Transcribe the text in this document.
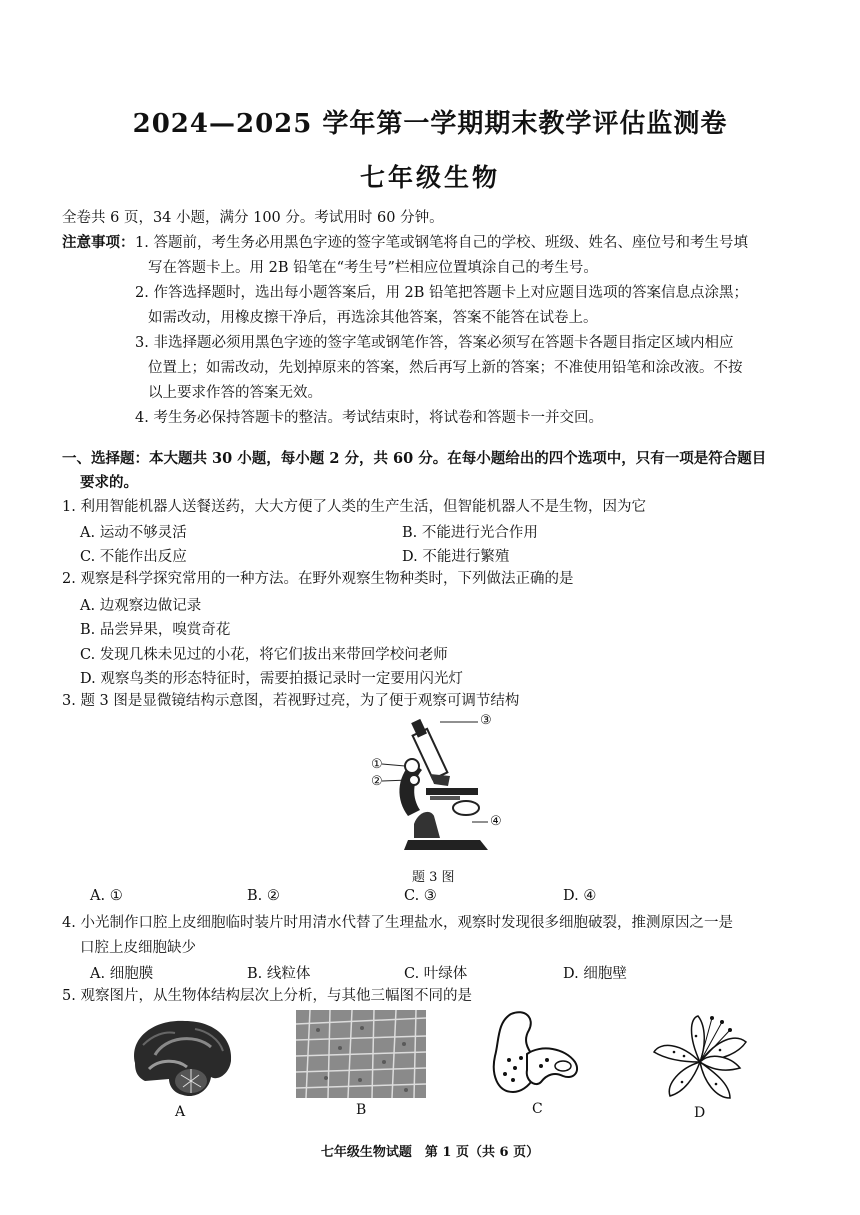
2024—2025 学年第一学期期末教学评估监测卷
七年级生物
全卷共 6 页，34 小题，满分 100 分。考试用时 60 分钟。
注意事项： 1. 答题前，考生务必用黑色字迹的签字笔或钢笔将自己的学校、班级、姓名、座位号和考生号填
写在答题卡上。用 2B 铅笔在“考生号”栏相应位置填涂自己的考生号。
2. 作答选择题时，选出每小题答案后，用 2B 铅笔把答题卡上对应题目选项的答案信息点涂黑；
如需改动，用橡皮擦干净后，再选涂其他答案，答案不能答在试卷上。
3. 非选择题必须用黑色字迹的签字笔或钢笔作答，答案必须写在答题卡各题目指定区域内相应
位置上；如需改动，先划掉原来的答案，然后再写上新的答案；不准使用铅笔和涂改液。不按
以上要求作答的答案无效。
4. 考生务必保持答题卡的整洁。考试结束时，将试卷和答题卡一并交回。
一、选择题：本大题共 30 小题，每小题 2 分，共 60 分。在每小题给出的四个选项中，只有一项是符合题目
要求的。
1. 利用智能机器人送餐送药，大大方便了人类的生产生活，但智能机器人不是生物，因为它
A. 运动不够灵活	B. 不能进行光合作用
C. 不能作出反应	D. 不能进行繁殖
2. 观察是科学探究常用的一种方法。在野外观察生物种类时，下列做法正确的是
A. 边观察边做记录
B. 品尝异果，嗅赏奇花
C. 发现几株未见过的小花，将它们拔出来带回学校问老师
D. 观察鸟类的形态特征时，需要拍摄记录时一定要用闪光灯
3. 题 3 图是显微镜结构示意图，若视野过亮，为了便于观察可调节结构
③
①
②
④
题 3 图
A. ①	B. ②	C. ③	D. ④
4. 小光制作口腔上皮细胞临时装片时用清水代替了生理盐水，观察时发现很多细胞破裂，推测原因之一是
口腔上皮细胞缺少
A. 细胞膜	B. 线粒体	C. 叶绿体	D. 细胞壁
5. 观察图片，从生物体结构层次上分析，与其他三幅图不同的是
A	B	C	D
七年级生物试题　第 1 页（共 6 页）
